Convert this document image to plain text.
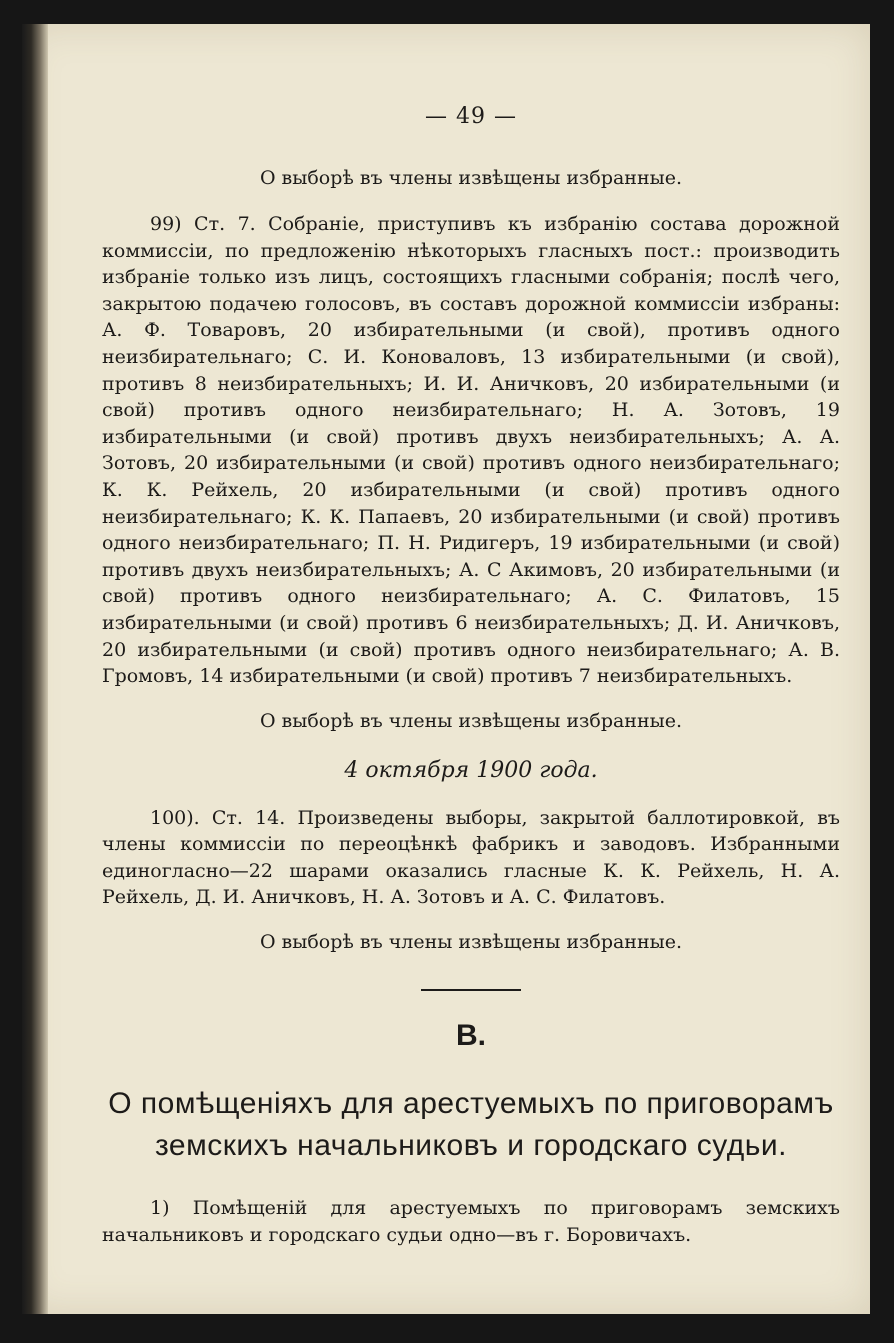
— 49 —
О выборѣ въ члены извѣщены избранные.

99) Ст. 7. Собраніе, приступивъ къ избранію состава дорожной коммиссіи, по предложенію нѣкоторыхъ гласныхъ пост.: производить избраніе только изъ лицъ, состоящихъ гласными собранія; послѣ чего, закрытою подачею голосовъ, въ составъ дорожной коммиссіи избраны: А. Ф. Товаровъ, 20 избирательными (и свой), противъ одного неизбирательнаго; С. И. Коноваловъ, 13 избирательными (и свой), противъ 8 неизбирательныхъ; И. И. Аничковъ, 20 избирательными (и свой) противъ одного неизбирательнаго; Н. А. Зотовъ, 19 избирательными (и свой) противъ двухъ неизбирательныхъ; А. А. Зотовъ, 20 избирательными (и свой) противъ одного неизбирательнаго; К. К. Рейхель, 20 избирательными (и свой) противъ одного неизбирательнаго; К. К. Папаевъ, 20 избирательными (и свой) противъ одного неизбирательнаго; П. Н. Ридигеръ, 19 избирательными (и свой) противъ двухъ неизбирательныхъ; А. С Акимовъ, 20 избирательными (и свой) противъ одного неизбирательнаго; А. С. Филатовъ, 15 избирательными (и свой) противъ 6 неизбирательныхъ; Д. И. Аничковъ, 20 избирательными (и свой) противъ одного неизбирательнаго; А. В. Громовъ, 14 избирательными (и свой) противъ 7 неизбирательныхъ.

О выборѣ въ члены извѣщены избранные.
4 октября 1900 года.

100). Ст. 14. Произведены выборы, закрытой баллотировкой, въ члены коммиссіи по переоцѣнкѣ фабрикъ и заводовъ. Избранными единогласно—22 шарами оказались гласные К. К. Рейхель, Н. А. Рейхель, Д. И. Аничковъ, Н. А. Зотовъ и А. С. Филатовъ.

О выборѣ въ члены извѣщены избранные.
В.
О помѣщеніяхъ для арестуемыхъ по приговорамъ земскихъ начальниковъ и городскаго судьи.

1) Помѣщеній для арестуемыхъ по приговорамъ земскихъ начальниковъ и городскаго судьи одно—въ г. Боровичахъ.
